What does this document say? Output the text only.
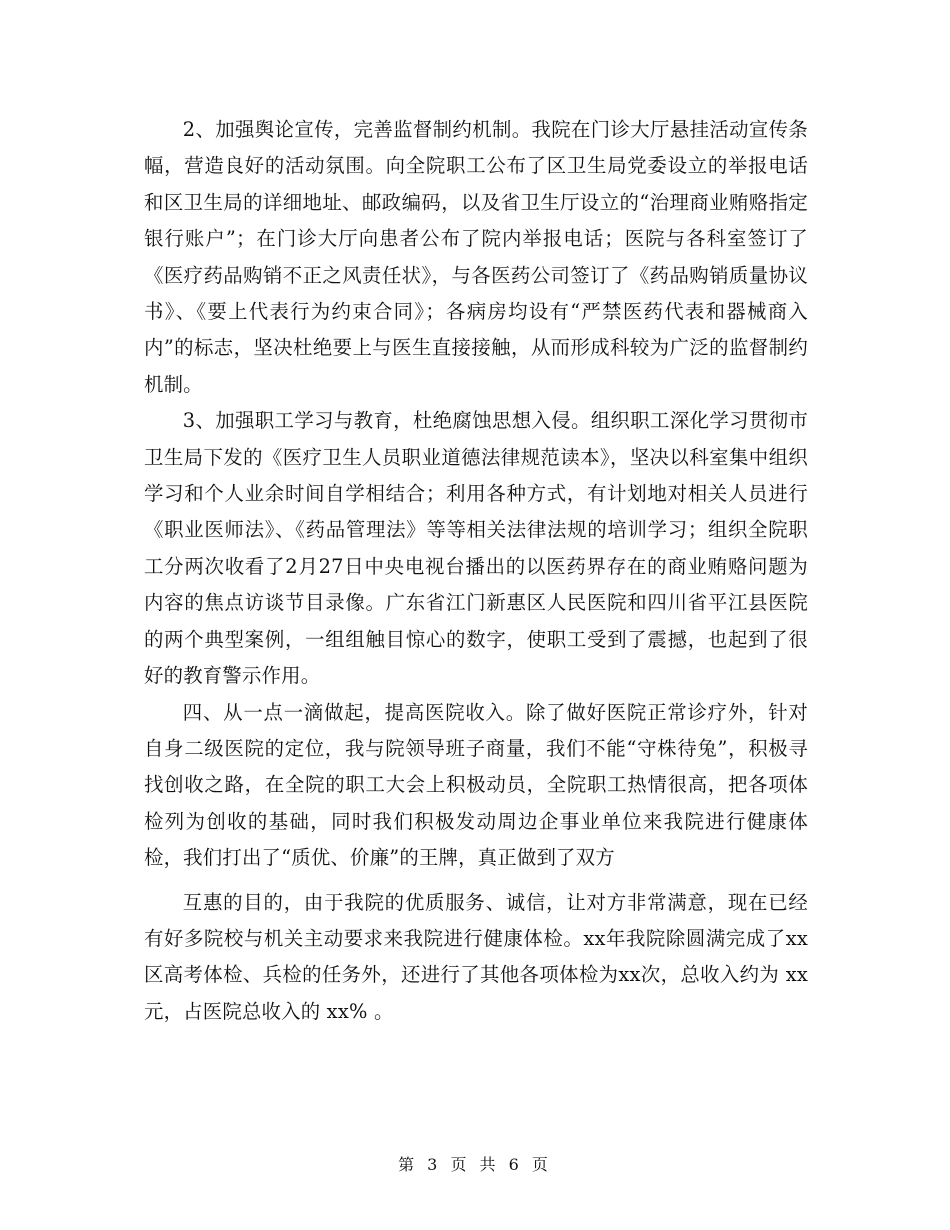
2、加强舆论宣传，完善监督制约机制。我院在门诊大厅悬挂活动宣传条幅，营造良好的活动氛围。向全院职工公布了区卫生局党委设立的举报电话和区卫生局的详细地址、邮政编码，以及省卫生厅设立的“治理商业贿赂指定银行账户”；在门诊大厅向患者公布了院内举报电话；医院与各科室签订了《医疗药品购销不正之风责任状》，与各医药公司签订了《药品购销质量协议书》、《要上代表行为约束合同》；各病房均设有“严禁医药代表和器械商入内”的标志，坚决杜绝要上与医生直接接触，从而形成科较为广泛的监督制约机制。

3、加强职工学习与教育，杜绝腐蚀思想入侵。组织职工深化学习贯彻市卫生局下发的《医疗卫生人员职业道德法律规范读本》，坚决以科室集中组织学习和个人业余时间自学相结合；利用各种方式，有计划地对相关人员进行《职业医师法》、《药品管理法》等等相关法律法规的培训学习；组织全院职工分两次收看了2月27日中央电视台播出的以医药界存在的商业贿赂问题为内容的焦点访谈节目录像。广东省江门新惠区人民医院和四川省平江县医院的两个典型案例，一组组触目惊心的数字，使职工受到了震撼，也起到了很好的教育警示作用。

四、从一点一滴做起，提高医院收入。除了做好医院正常诊疗外，针对自身二级医院的定位，我与院领导班子商量，我们不能“守株待兔”，积极寻找创收之路，在全院的职工大会上积极动员，全院职工热情很高，把各项体检列为创收的基础，同时我们积极发动周边企事业单位来我院进行健康体检，我们打出了“质优、价廉”的王牌，真正做到了双方

互惠的目的，由于我院的优质服务、诚信，让对方非常满意，现在已经有好多院校与机关主动要求来我院进行健康体检。xx年我院除圆满完成了xx区高考体检、兵检的任务外，还进行了其他各项体检为xx次，总收入约为 xx元，占医院总收入的 xx% 。

第 3 页 共 6 页
